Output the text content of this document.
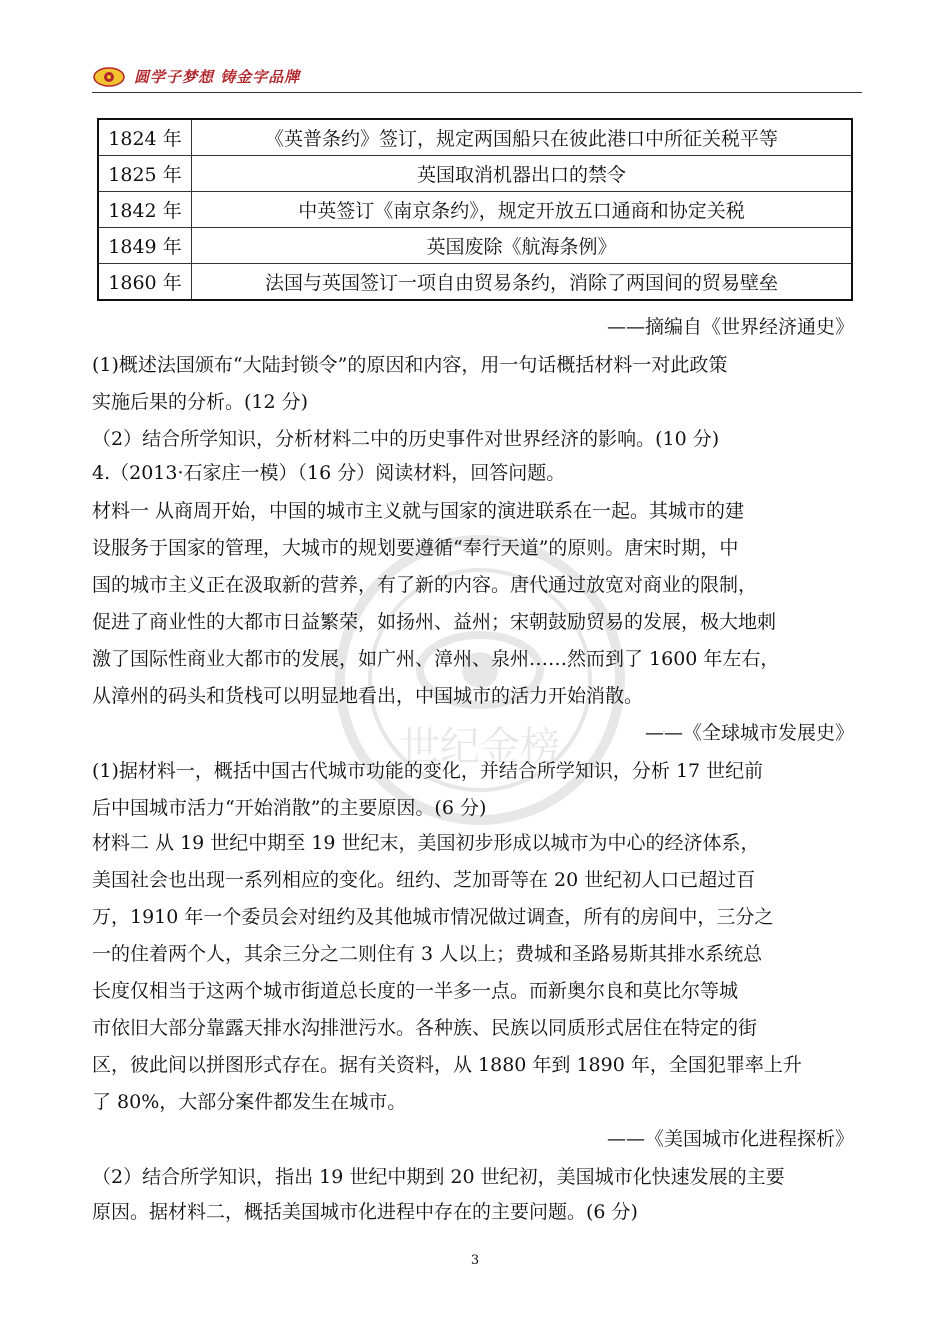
圆学子梦想 铸金字品牌
1824 年	《英普条约》签订，规定两国船只在彼此港口中所征关税平等
1825 年	英国取消机器出口的禁令
1842 年	中英签订《南京条约》，规定开放五口通商和协定关税
1849 年	英国废除《航海条例》
1860 年	法国与英国签订一项自由贸易条约，消除了两国间的贸易壁垒
世纪金榜
——摘编自《世界经济通史》
(1)概述法国颁布“大陆封锁令”的原因和内容，用一句话概括材料一对此政策
实施后果的分析。(12 分)
（2）结合所学知识，分析材料二中的历史事件对世界经济的影响。(10 分)
4.（2013·石家庄一模）（16 分）阅读材料，回答问题。
材料一 从商周开始，中国的城市主义就与国家的演进联系在一起。其城市的建
设服务于国家的管理，大城市的规划要遵循“奉行天道”的原则。唐宋时期，中
国的城市主义正在汲取新的营养，有了新的内容。唐代通过放宽对商业的限制，
促进了商业性的大都市日益繁荣，如扬州、益州；宋朝鼓励贸易的发展，极大地刺
激了国际性商业大都市的发展，如广州、漳州、泉州……然而到了 1600 年左右，
从漳州的码头和货栈可以明显地看出，中国城市的活力开始消散。
——《全球城市发展史》
(1)据材料一，概括中国古代城市功能的变化，并结合所学知识，分析 17 世纪前
后中国城市活力“开始消散”的主要原因。(6 分)
材料二 从 19 世纪中期至 19 世纪末，美国初步形成以城市为中心的经济体系，
美国社会也出现一系列相应的变化。纽约、芝加哥等在 20 世纪初人口已超过百
万，1910 年一个委员会对纽约及其他城市情况做过调查，所有的房间中，三分之
一的住着两个人，其余三分之二则住有 3 人以上；费城和圣路易斯其排水系统总
长度仅相当于这两个城市街道总长度的一半多一点。而新奥尔良和莫比尔等城
市依旧大部分靠露天排水沟排泄污水。各种族、民族以同质形式居住在特定的街
区，彼此间以拼图形式存在。据有关资料，从 1880 年到 1890 年，全国犯罪率上升
了 80%，大部分案件都发生在城市。
——《美国城市化进程探析》
（2）结合所学知识，指出 19 世纪中期到 20 世纪初，美国城市化快速发展的主要
原因。据材料二，概括美国城市化进程中存在的主要问题。(6 分)
3
